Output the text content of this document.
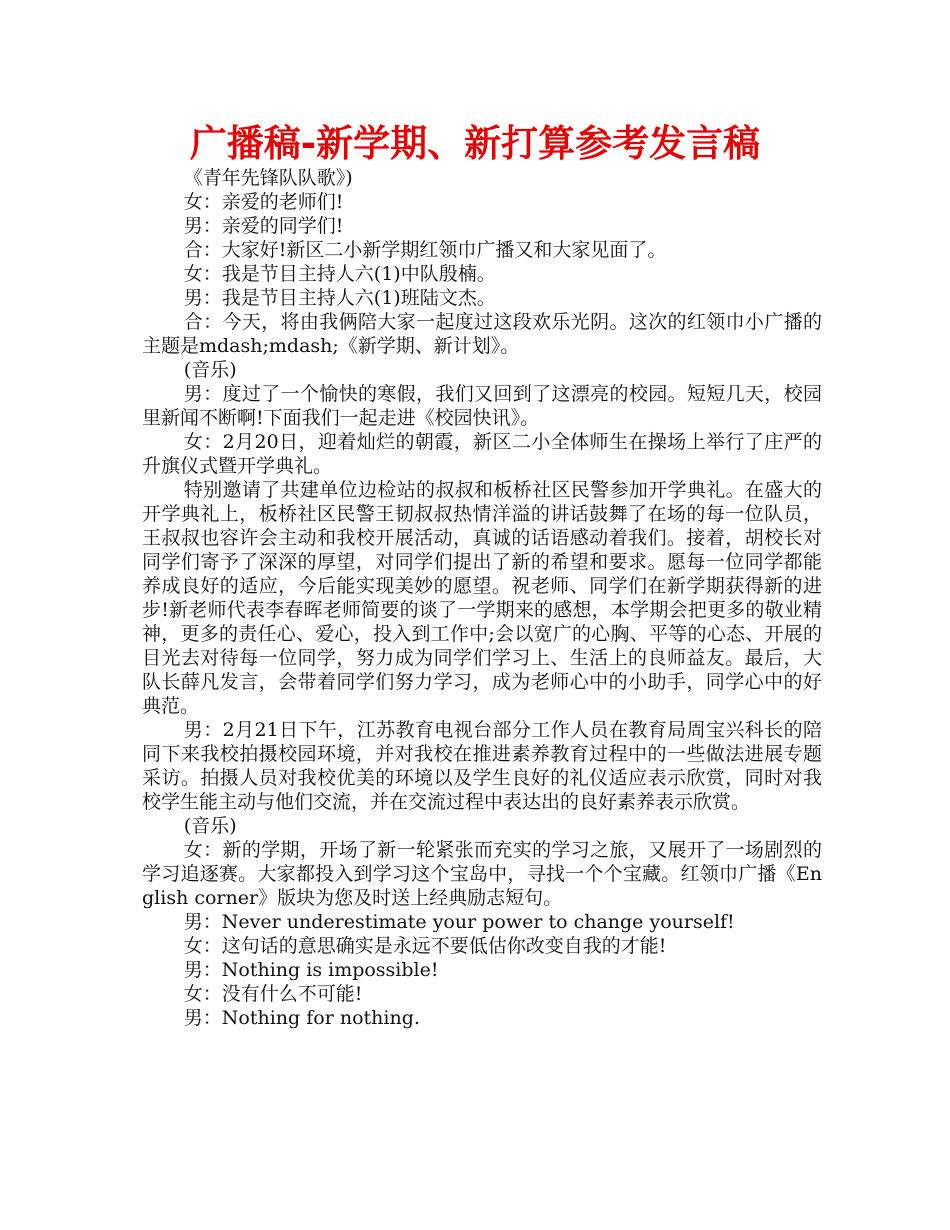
广播稿-新学期、新打算参考发言稿

《青年先锋队队歌》)

女：亲爱的老师们!

男：亲爱的同学们!

合：大家好!新区二小新学期红领巾广播又和大家见面了。

女：我是节目主持人六(1)中队殷楠。

男：我是节目主持人六(1)班陆文杰。

合：今天，将由我俩陪大家一起度过这段欢乐光阴。这次的红领巾小广播的主题是mdash;mdash;《新学期、新计划》。

(音乐)

男：度过了一个愉快的寒假，我们又回到了这漂亮的校园。短短几天，校园里新闻不断啊!下面我们一起走进《校园快讯》。

女：2月20日，迎着灿烂的朝霞，新区二小全体师生在操场上举行了庄严的升旗仪式暨开学典礼。

特别邀请了共建单位边检站的叔叔和板桥社区民警参加开学典礼。在盛大的开学典礼上，板桥社区民警王韧叔叔热情洋溢的讲话鼓舞了在场的每一位队员，王叔叔也容许会主动和我校开展活动，真诚的话语感动着我们。接着，胡校长对同学们寄予了深深的厚望，对同学们提出了新的希望和要求。愿每一位同学都能养成良好的适应，今后能实现美妙的愿望。祝老师、同学们在新学期获得新的进步!新老师代表李春晖老师简要的谈了一学期来的感想，本学期会把更多的敬业精神，更多的责任心、爱心，投入到工作中;会以宽广的心胸、平等的心态、开展的目光去对待每一位同学，努力成为同学们学习上、生活上的良师益友。最后，大队长薛凡发言，会带着同学们努力学习，成为老师心中的小助手，同学心中的好典范。

男：2月21日下午，江苏教育电视台部分工作人员在教育局周宝兴科长的陪同下来我校拍摄校园环境，并对我校在推进素养教育过程中的一些做法进展专题采访。拍摄人员对我校优美的环境以及学生良好的礼仪适应表示欣赏，同时对我校学生能主动与他们交流，并在交流过程中表达出的良好素养表示欣赏。

(音乐)

女：新的学期，开场了新一轮紧张而充实的学习之旅，又展开了一场剧烈的学习追逐赛。大家都投入到学习这个宝岛中，寻找一个个宝藏。红领巾广播《English corner》版块为您及时送上经典励志短句。

男：Never underestimate your power to change yourself!

女：这句话的意思确实是永远不要低估你改变自我的才能!

男：Nothing is impossible!

女：没有什么不可能!

男：Nothing for nothing.
